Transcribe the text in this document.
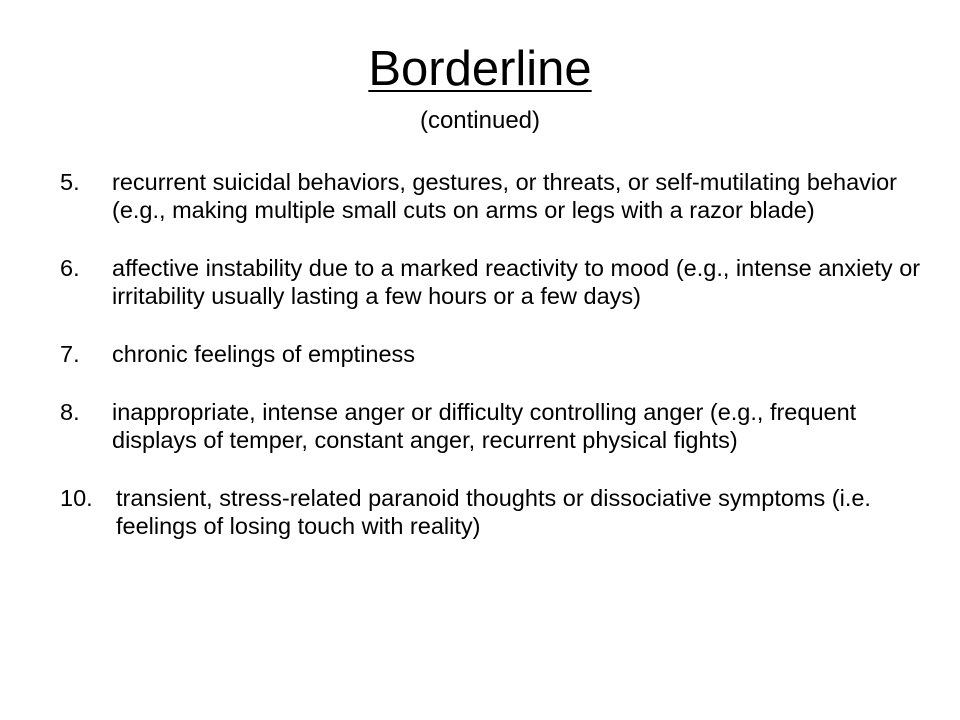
Borderline
(continued)
5.	recurrent suicidal behaviors, gestures, or threats, or self-mutilating behavior (e.g., making multiple small cuts on arms or legs with a razor blade)
6.	affective instability due to a marked reactivity to mood (e.g., intense anxiety or irritability usually lasting a few hours or a few days)
7.	chronic feelings of emptiness
8.	inappropriate, intense anger or difficulty controlling anger (e.g., frequent displays of temper, constant anger, recurrent physical fights)
10. transient, stress-related paranoid thoughts or dissociative symptoms (i.e. feelings of losing touch with reality)
